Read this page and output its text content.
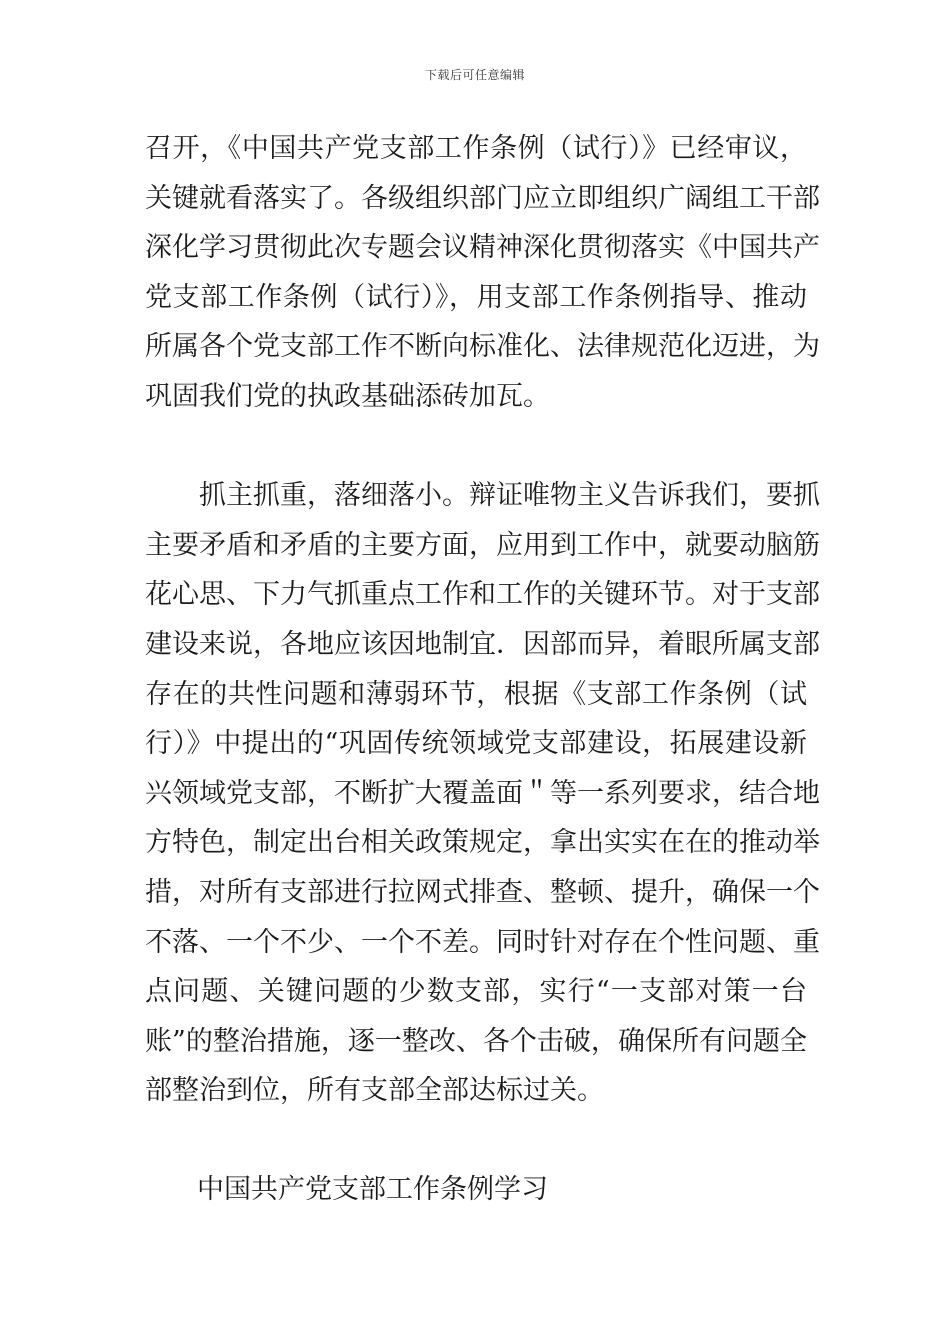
下载后可任意编辑
召开，《中国共产党支部工作条例（试行）》已经审议，
关键就看落实了。各级组织部门应立即组织广阔组工干部
深化学习贯彻此次专题会议精神深化贯彻落实《中国共产
党支部工作条例（试行）》，用支部工作条例指导、推动
所属各个党支部工作不断向标准化、法律规范化迈进，为
巩固我们党的执政基础添砖加瓦。
抓主抓重，落细落小。辩证唯物主义告诉我们，要抓
主要矛盾和矛盾的主要方面，应用到工作中，就要动脑筋
花心思、下力气抓重点工作和工作的关键环节。对于支部
建设来说，各地应该因地制宜．因部而异，着眼所属支部
存在的共性问题和薄弱环节，根据《支部工作条例（试
行）》中提出的“巩固传统领域党支部建设，拓展建设新
兴领域党支部，不断扩大覆盖面＂等一系列要求，结合地
方特色，制定出台相关政策规定，拿出实实在在的推动举
措，对所有支部进行拉网式排查、整顿、提升，确保一个
不落、一个不少、一个不差。同时针对存在个性问题、重
点问题、关键问题的少数支部，实行“一支部对策一台
账”的整治措施，逐一整改、各个击破，确保所有问题全
部整治到位，所有支部全部达标过关。
中国共产党支部工作条例学习
